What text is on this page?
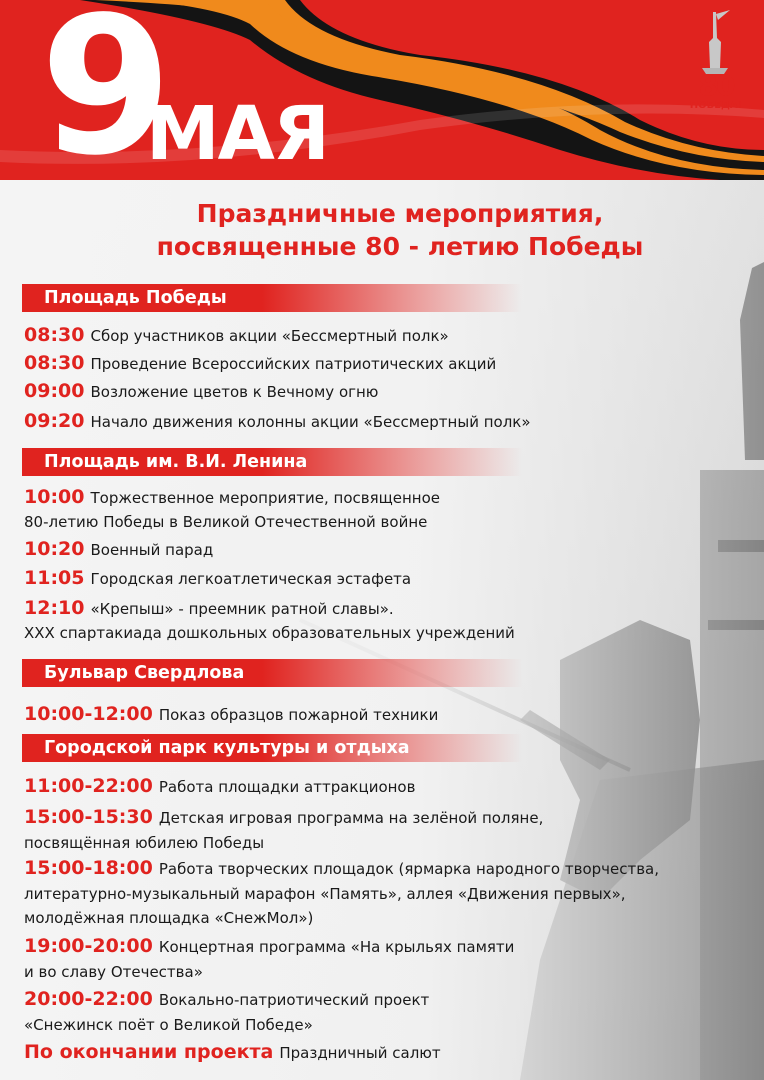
9
МАЯ
80
ПОБЕДА!
Праздничные мероприятия,
посвященные 80 - летию Победы
Площадь Победы
08:30 Сбор участников акции «Бессмертный полк»
08:30 Проведение Всероссийских патриотических акций
09:00 Возложение цветов к Вечному огню
09:20 Начало движения колонны акции «Бессмертный полк»
Площадь им. В.И. Ленина
10:00 Торжественное мероприятие, посвященное
80-летию Победы в Великой Отечественной войне
10:20 Военный парад
11:05 Городская легкоатлетическая эстафета
12:10 «Крепыш» - преемник ратной славы».
XXX спартакиада дошкольных образовательных учреждений
Бульвар Свердлова
10:00-12:00 Показ образцов пожарной техники
Городской парк культуры и отдыха
11:00-22:00 Работа площадки аттракционов
15:00-15:30 Детская игровая программа на зелёной поляне,
посвящённая юбилею Победы
15:00-18:00 Работа творческих площадок (ярмарка народного творчества,
литературно-музыкальный марафон «Память», аллея «Движения первых»,
молодёжная площадка «СнежМол»)
19:00-20:00 Концертная программа «На крыльях памяти
и во славу Отечества»
20:00-22:00 Вокально-патриотический проект
«Снежинск поёт о Великой Победе»
По окончании проекта Праздничный салют
